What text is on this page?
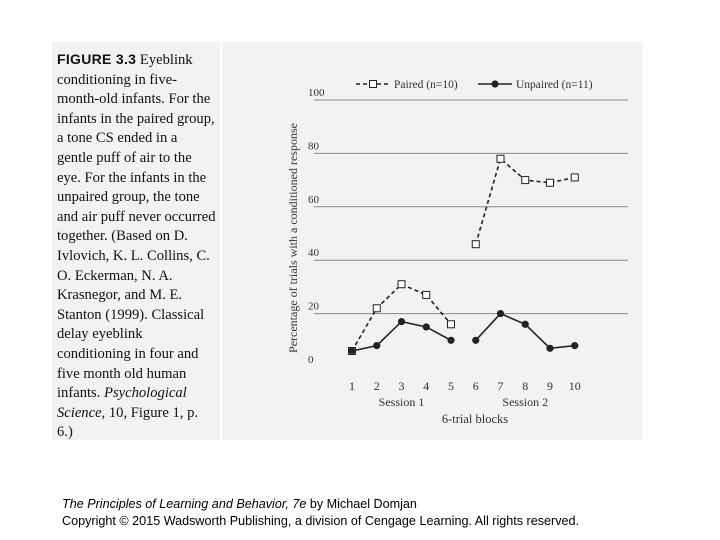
FIGURE 3.3 Eyeblink conditioning in five-month-old infants. For the infants in the paired group, a tone CS ended in a gentle puff of air to the eye. For the infants in the unpaired group, the tone and air puff never occurred together. (Based on D. Ivlovich, K. L. Collins, C. O. Eckerman, N. A. Krasnegor, and M. E. Stanton (1999). Classical delay eyeblink conditioning in four and five month old human infants. Psychological Science, 10, Figure 1, p. 6.)

0
20
40
60
80
100
Percentage of trials with a conditioned response
Paired (n=10)	Unpaired (n=11)
1 2 3 4 5 6 7 8 9 10
Session 1	Session 2
6-trial blocks
The Principles of Learning and Behavior, 7e by Michael Domjan
Copyright © 2015 Wadsworth Publishing, a division of Cengage Learning. All rights reserved.
